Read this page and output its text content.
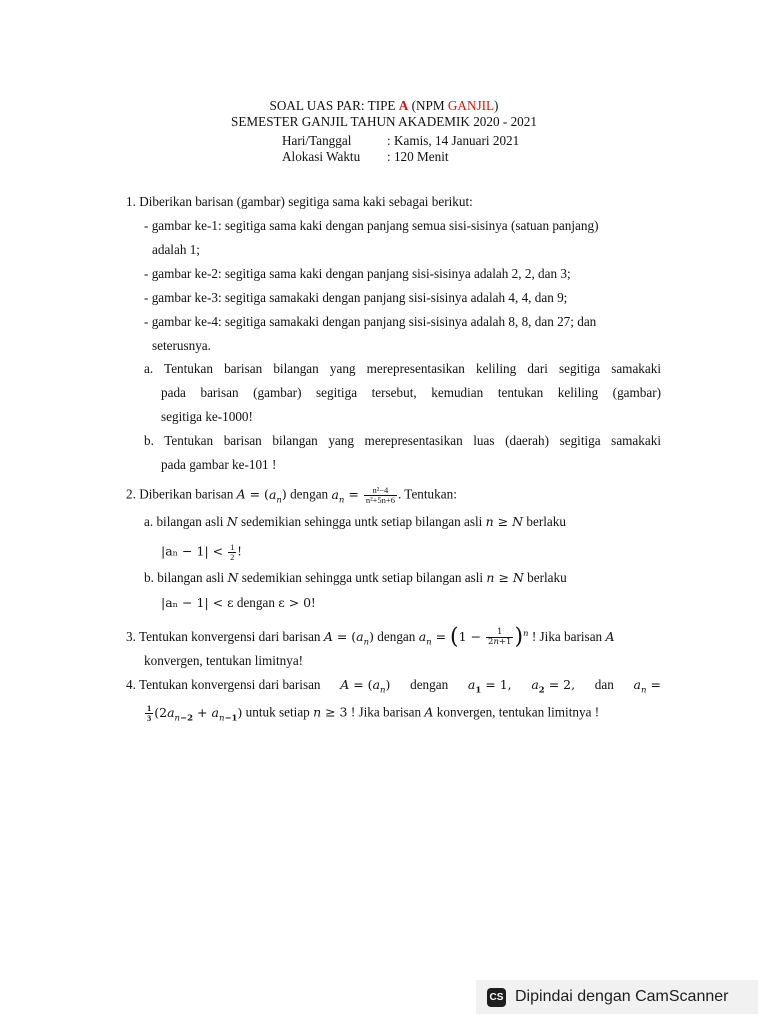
SOAL UAS PAR: TIPE A (NPM GANJIL)
SEMESTER GANJIL TAHUN AKADEMIK 2020 - 2021
Hari/Tanggal	: Kamis, 14 Januari 2021
Alokasi Waktu	: 120 Menit
1. Diberikan barisan (gambar) segitiga sama kaki sebagai berikut:
- gambar ke-1: segitiga sama kaki dengan panjang semua sisi-sisinya (satuan panjang)
adalah 1;
- gambar ke-2: segitiga sama kaki dengan panjang sisi-sisinya adalah 2, 2, dan 3;
- gambar ke-3: segitiga samakaki dengan panjang sisi-sisinya adalah 4, 4, dan 9;
- gambar ke-4: segitiga samakaki dengan panjang sisi-sisinya adalah 8, 8, dan 27; dan
seterusnya.
a. Tentukan barisan bilangan yang merepresentasikan keliling dari segitiga samakaki
pada barisan (gambar) segitiga tersebut, kemudian tentukan keliling (gambar)
segitiga ke-1000!
b. Tentukan barisan bilangan yang merepresentasikan luas (daerah) segitiga samakaki
pada gambar ke-101 !
2. Diberikan barisan $A = (a_n)$ dengan $a_n = \frac{\text{n²−4}}{\text{n²+5n+6}}$ . Tentukan:
a. bilangan asli N sedemikian sehingga untk setiap bilangan asli n ≥ N berlaku
$|a_n - 1| < \frac{1}{2}$ !
b. bilangan asli N sedemikian sehingga untk setiap bilangan asli n ≥ N berlaku
|aₙ − 1| < ε dengan ε > 0!
3. Tentukan konvergensi dari barisan $A = (a_n)$ dengan $a_n = (1 - \frac{1}{2n+1} )^n$ ! Jika barisan A
konvergen, tentukan limitnya!
4. Tentukan konvergensi dari barisan $A = (a_n)$ dengan $a_1 = 1$, $a_2 = 2$, dan $a_n$ =
$\frac{1}{3} (2a_{n-2} + a_{n-1})$ untuk setiap n ≥ 3 ! Jika barisan A konvergen, tentukan limitnya !
CS Dipindai dengan CamScanner
